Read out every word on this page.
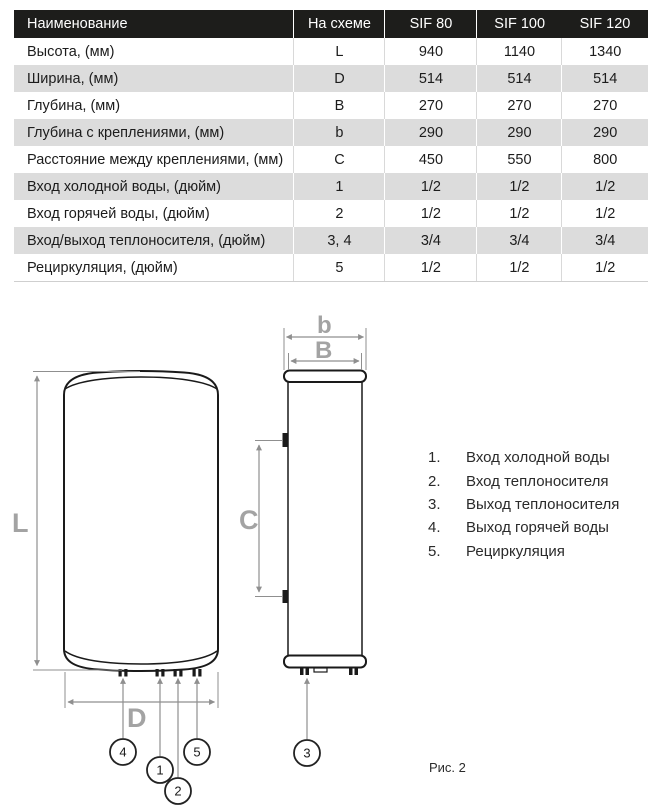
Наименование	На схеме	SIF 80	SIF 100	SIF 120
Высота, (мм)	L	940	1140	1340
Ширина, (мм)	D	514	514	514
Глубина, (мм)	B	270	270	270
Глубина с креплениями, (мм)	b	290	290	290
Расстояние между креплениями, (мм)	C	450	550	800
Вход холодной воды, (дюйм)	1	1/2	1/2	1/2
Вход горячей воды, (дюйм)	2	1/2	1/2	1/2
Вход/выход теплоносителя, (дюйм)	3, 4	3/4	3/4	3/4
Рециркуляция, (дюйм)	5	1/2	1/2	1/2
L
D
b
B
C
4
1
2
5	3
1.	Вход холодной воды
2.	Вход теплоносителя
3.	Выход теплоносителя
4.	Выход горячей воды
5.	Рециркуляция
Рис. 2
